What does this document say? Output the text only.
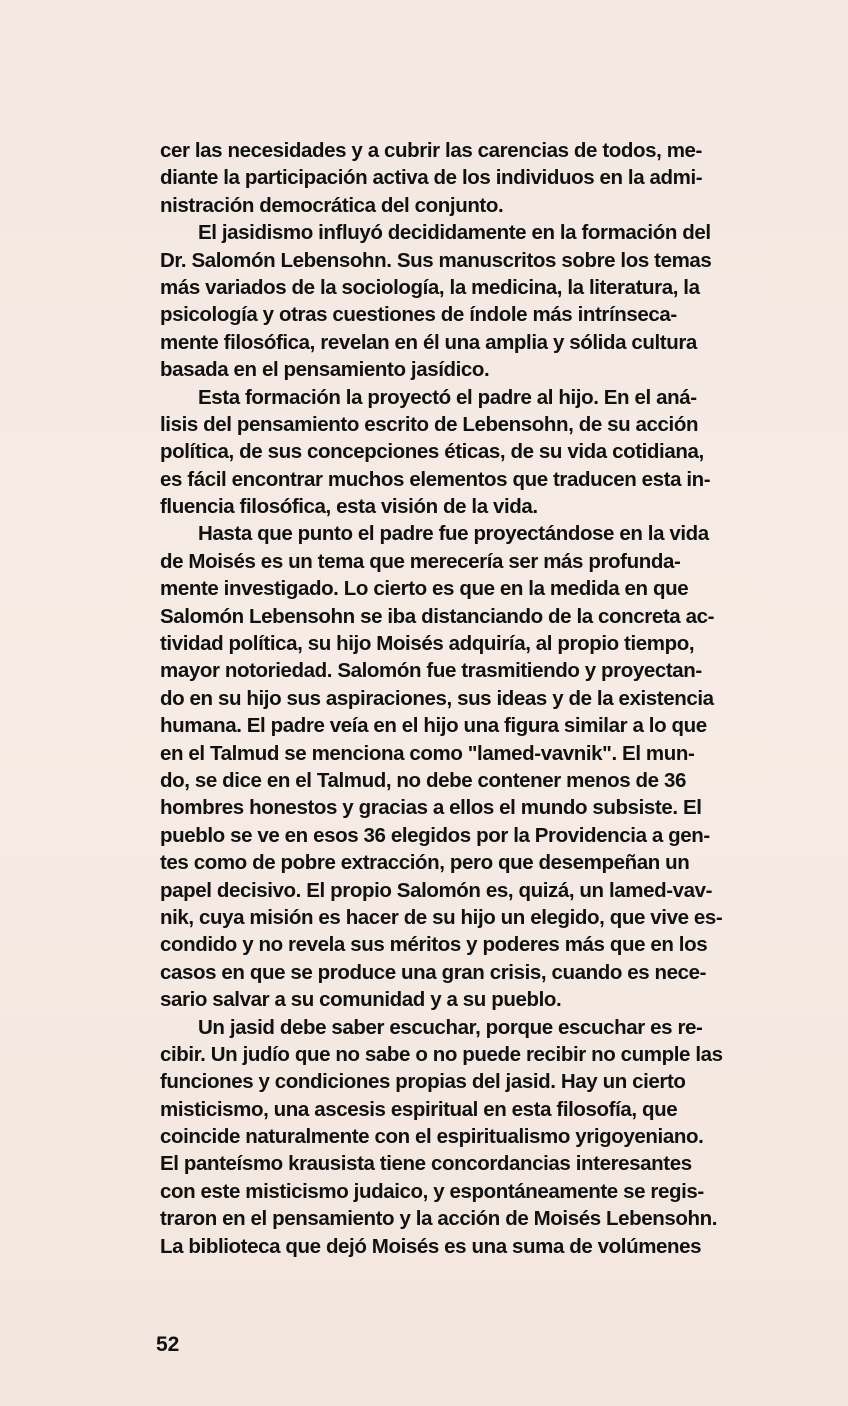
cer las necesidades y a cubrir las carencias de todos, me-
diante la participación activa de los individuos en la admi-
nistración democrática del conjunto.
El jasidismo influyó decididamente en la formación del
Dr. Salomón Lebensohn. Sus manuscritos sobre los temas
más variados de la sociología, la medicina, la literatura, la
psicología y otras cuestiones de índole más intrínseca-
mente filosófica, revelan en él una amplia y sólida cultura
basada en el pensamiento jasídico.
Esta formación la proyectó el padre al hijo. En el aná-
lisis del pensamiento escrito de Lebensohn, de su acción
política, de sus concepciones éticas, de su vida cotidiana,
es fácil encontrar muchos elementos que traducen esta in-
fluencia filosófica, esta visión de la vida.
Hasta que punto el padre fue proyectándose en la vida
de Moisés es un tema que merecería ser más profunda-
mente investigado. Lo cierto es que en la medida en que
Salomón Lebensohn se iba distanciando de la concreta ac-
tividad política, su hijo Moisés adquiría, al propio tiempo,
mayor notoriedad. Salomón fue trasmitiendo y proyectan-
do en su hijo sus aspiraciones, sus ideas y de la existencia
humana. El padre veía en el hijo una figura similar a lo que
en el Talmud se menciona como "lamed-vavnik". El mun-
do, se dice en el Talmud, no debe contener menos de 36
hombres honestos y gracias a ellos el mundo subsiste. El
pueblo se ve en esos 36 elegidos por la Providencia a gen-
tes como de pobre extracción, pero que desempeñan un
papel decisivo. El propio Salomón es, quizá, un lamed-vav-
nik, cuya misión es hacer de su hijo un elegido, que vive es-
condido y no revela sus méritos y poderes más que en los
casos en que se produce una gran crisis, cuando es nece-
sario salvar a su comunidad y a su pueblo.
Un jasid debe saber escuchar, porque escuchar es re-
cibir. Un judío que no sabe o no puede recibir no cumple las
funciones y condiciones propias del jasid. Hay un cierto
misticismo, una ascesis espiritual en esta filosofía, que
coincide naturalmente con el espiritualismo yrigoyeniano.
El panteísmo krausista tiene concordancias interesantes
con este misticismo judaico, y espontáneamente se regis-
traron en el pensamiento y la acción de Moisés Lebensohn.
La biblioteca que dejó Moisés es una suma de volúmenes
52
